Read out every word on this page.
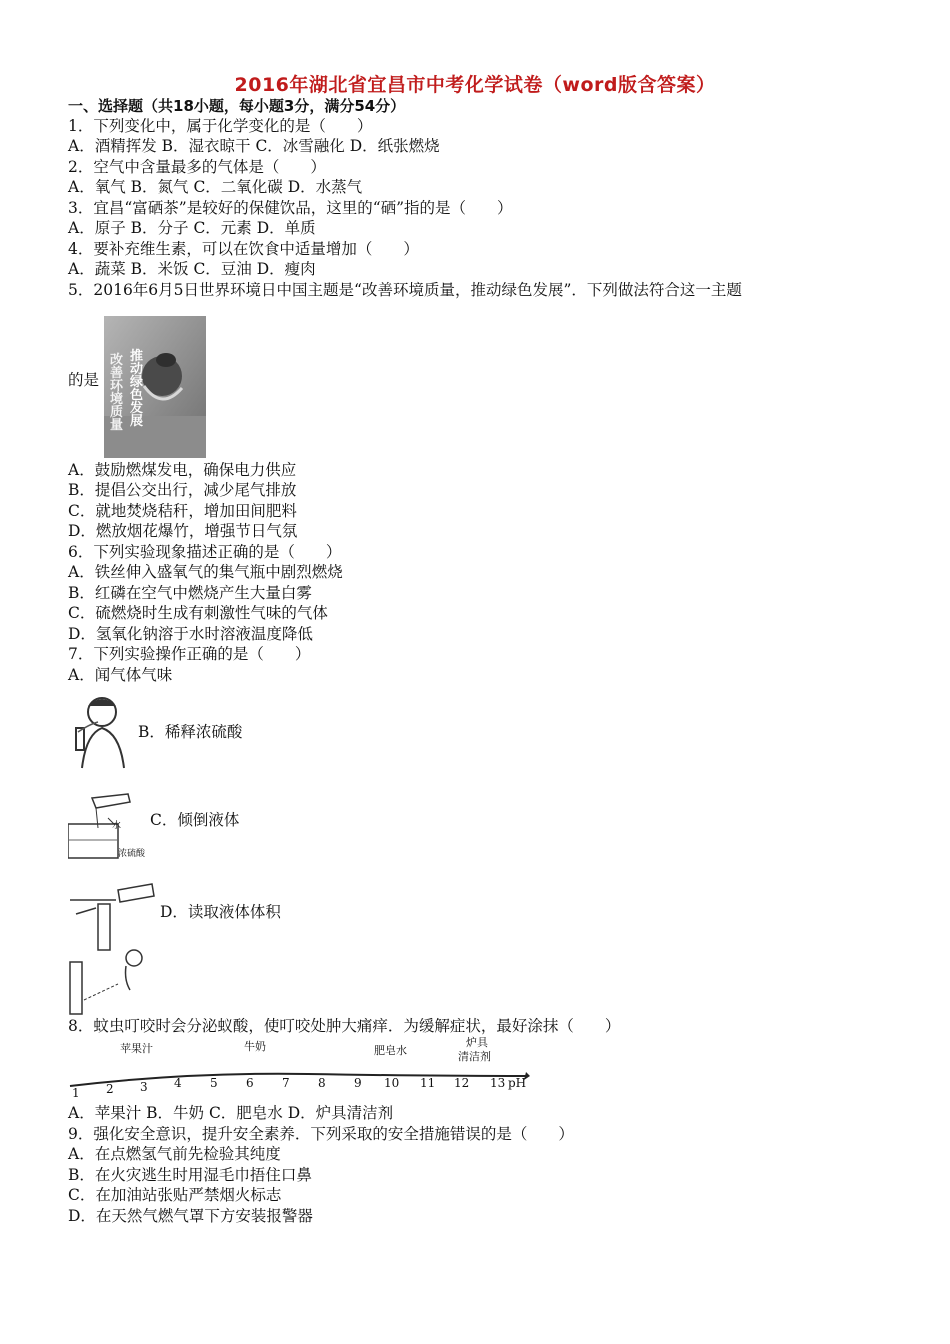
2016年湖北省宜昌市中考化学试卷（word版含答案）
一、选择题（共18小题，每小题3分，满分54分）
1．下列变化中，属于化学变化的是（　　）
A．酒精挥发 B．湿衣晾干 C．冰雪融化 D．纸张燃烧
2．空气中含量最多的气体是（　　）
A．氧气 B．氮气 C．二氧化碳 D．水蒸气
3．宜昌“富硒茶”是较好的保健饮品，这里的“硒”指的是（　　）
A．原子 B．分子 C．元素 D．单质
4．要补充维生素，可以在饮食中适量增加（　　）
A．蔬菜 B．米饭 C．豆油 D．瘦肉
5．2016年6月5日世界环境日中国主题是“改善环境质量，推动绿色发展”．下列做法符合这一主题
的是
改善环境质量
推动绿色发展
A．鼓励燃煤发电，确保电力供应
B．提倡公交出行，减少尾气排放
C．就地焚烧秸秆，增加田间肥料
D．燃放烟花爆竹，增强节日气氛
6．下列实验现象描述正确的是（　　）
A．铁丝伸入盛氧气的集气瓶中剧烈燃烧
B．红磷在空气中燃烧产生大量白雾
C．硫燃烧时生成有刺激性气味的气体
D．氢氧化钠溶于水时溶液温度降低
7．下列实验操作正确的是（　　）
A．闻气体气味
B．稀释浓硫酸
水
浓硫酸
C．倾倒液体
D．读取液体体积
8．蚊虫叮咬时会分泌蚁酸，使叮咬处肿大痛痒．为缓解症状，最好涂抹（　　）
苹果汁	牛奶	肥皂水
炉具
清洁剂
1 2 3 4 5 6 7 8 9 10 11 12 13 pH
A．苹果汁 B．牛奶 C．肥皂水 D．炉具清洁剂
9．强化安全意识，提升安全素养．下列采取的安全措施错误的是（　　）
A．在点燃氢气前先检验其纯度
B．在火灾逃生时用湿毛巾捂住口鼻
C．在加油站张贴严禁烟火标志
D．在天然气燃气罩下方安装报警器
